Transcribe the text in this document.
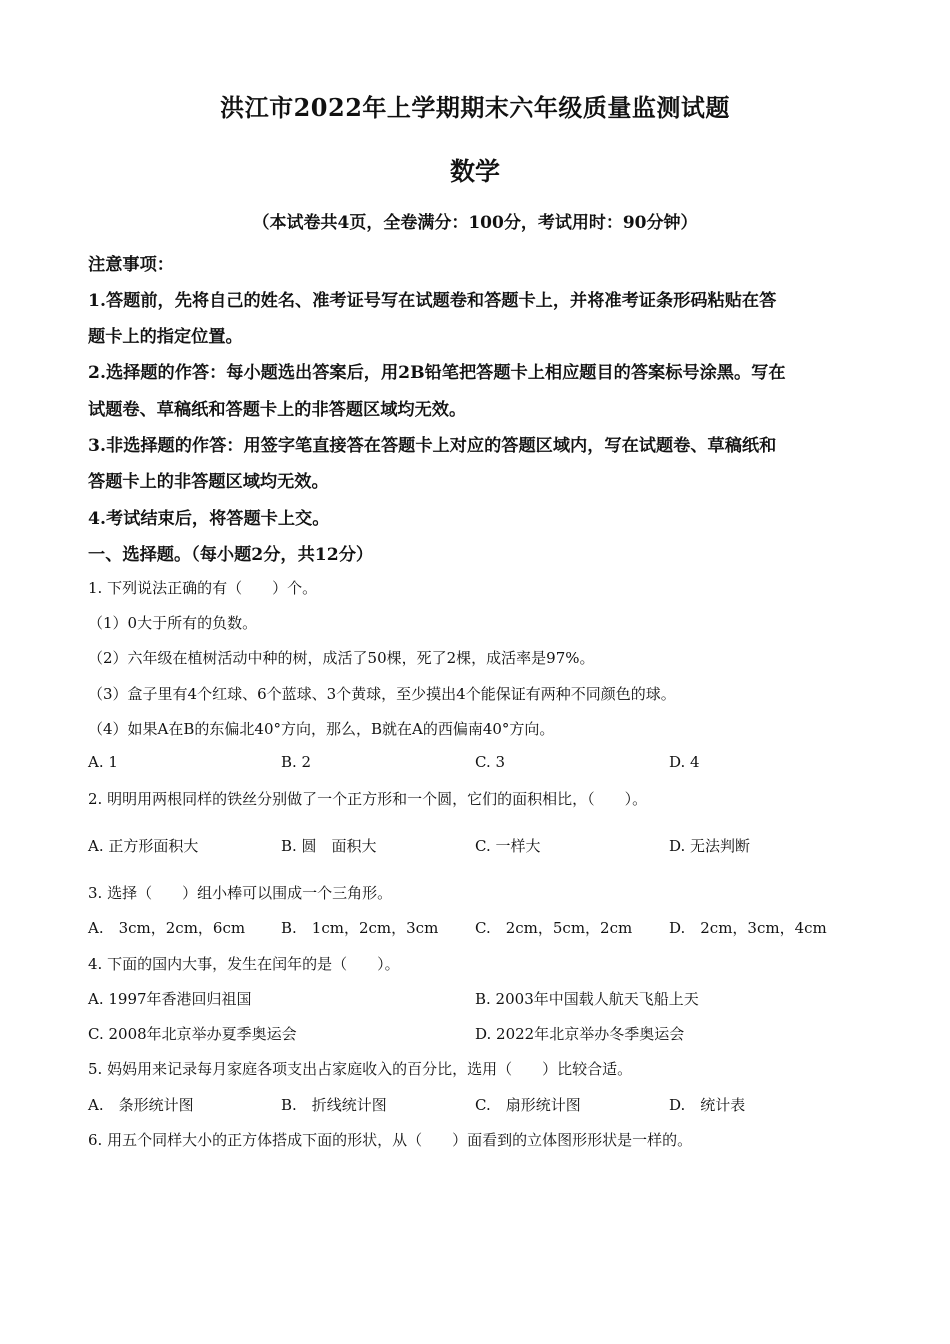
洪江市2022年上学期期末六年级质量监测试题
数学
（本试卷共4页，全卷满分：100分，考试用时：90分钟）
注意事项：
1.答题前，先将自己的姓名、准考证号写在试题卷和答题卡上，并将准考证条形码粘贴在答
题卡上的指定位置。
2.选择题的作答：每小题选出答案后，用2B铅笔把答题卡上相应题目的答案标号涂黑。写在
试题卷、草稿纸和答题卡上的非答题区域均无效。
3.非选择题的作答：用签字笔直接答在答题卡上对应的答题区域内，写在试题卷、草稿纸和
答题卡上的非答题区域均无效。
4.考试结束后，将答题卡上交。
一、选择题。（每小题2分，共12分）
1. 下列说法正确的有（　　）个。
（1）0大于所有的负数。
（2）六年级在植树活动中种的树，成活了50棵，死了2棵，成活率是97%。
（3）盒子里有4个红球、6个蓝球、3个黄球，至少摸出4个能保证有两种不同颜色的球。
（4）如果A在B的东偏北40°方向，那么，B就在A的西偏南40°方向。
A. 1	B. 2	C. 3	D. 4
2. 明明用两根同样的铁丝分别做了一个正方形和一个圆，它们的面积相比，（　　）。
A. 正方形面积大	B. 圆　面积大	C. 一样大	D. 无法判断
3. 选择（　　）组小棒可以围成一个三角形。
A.　3cm，2cm，6cm B.　1cm，2cm，3cm C.　2cm，5cm，2cm D.　2cm，3cm，4cm
4. 下面的国内大事，发生在闰年的是（　　）。
A. 1997年香港回归祖国	B. 2003年中国载人航天飞船上天
C. 2008年北京举办夏季奥运会	D. 2022年北京举办冬季奥运会
5. 妈妈用来记录每月家庭各项支出占家庭收入的百分比，选用（　　）比较合适。
A.　条形统计图	B.　折线统计图	C.　扇形统计图	D.　统计表
6. 用五个同样大小的正方体搭成下面的形状，从（　　）面看到的立体图形形状是一样的。
